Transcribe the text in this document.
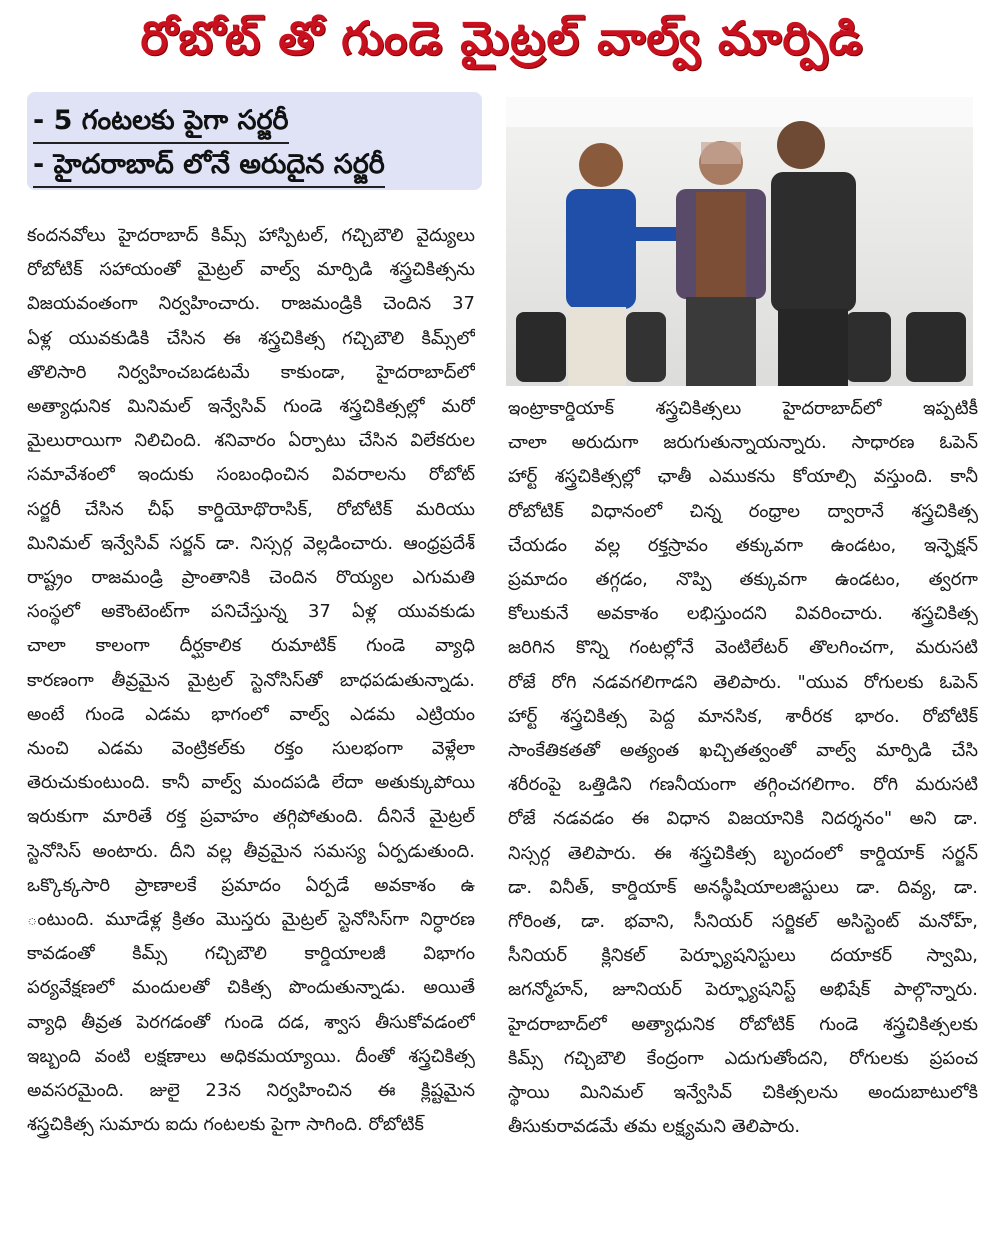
రోబోట్ తో గుండె మైట్రల్ వాల్వ్ మార్పిడి
- 5 గంటలకు పైగా సర్జరీ
- హైదరాబాద్ లోనే అరుదైన సర్జరీ

కందనవోలు హైదరాబాద్ కిమ్స్ హాస్పిటల్, గచ్చిబౌలి వైద్యులు

రోబోటిక్ సహాయంతో మైట్రల్ వాల్వ్ మార్పిడి శస్త్రచికిత్సను

విజయవంతంగా నిర్వహించారు. రాజమండ్రికి చెందిన 37

ఏళ్ల యువకుడికి చేసిన ఈ శస్త్రచికిత్స గచ్చిబౌలి కిమ్స్‌లో

తొలిసారి నిర్వహించబడటమే కాకుండా, హైదరాబాద్‌లో

అత్యాధునిక మినిమల్ ఇన్వేసివ్ గుండె శస్త్రచికిత్సల్లో మరో

మైలురాయిగా నిలిచింది. శనివారం ఏర్పాటు చేసిన విలేకరుల

సమావేశంలో ఇందుకు సంబంధించిన వివరాలను రోబోట్

సర్జరీ చేసిన చీఫ్ కార్డియోథొరాసిక్, రోబోటిక్ మరియు

మినిమల్ ఇన్వేసివ్ సర్జన్ డా. నిస్సర్గ వెల్లడించారు. ఆంధ్రప్రదేశ్

రాష్ట్రం రాజమండ్రి ప్రాంతానికి చెందిన రొయ్యల ఎగుమతి

సంస్థలో అకౌంటెంట్‌గా పనిచేస్తున్న 37 ఏళ్ల యువకుడు

చాలా కాలంగా దీర్ఘకాలిక రుమాటిక్ గుండె వ్యాధి

కారణంగా తీవ్రమైన మైట్రల్ స్టెనోసిస్‌తో బాధపడుతున్నాడు.

అంటే గుండె ఎడమ భాగంలో వాల్వ్ ఎడమ ఎట్రియం

నుంచి ఎడమ వెంట్రికల్‌కు రక్తం సులభంగా వెళ్లేలా

తెరుచుకుంటుంది. కానీ వాల్వ్ మందపడి లేదా అతుక్కుపోయి

ఇరుకుగా మారితే రక్త ప్రవాహం తగ్గిపోతుంది. దీనినే మైట్రల్

స్టెనోసిస్ అంటారు. దీని వల్ల తీవ్రమైన సమస్య ఏర్పడుతుంది.

ఒక్కొక్కసారి ప్రాణాలకే ప్రమాదం ఏర్పడే అవకాశం ఉ

ంటుంది. మూడేళ్ల క్రితం మొస్తరు మైట్రల్ స్టెనోసిస్‌గా నిర్ధారణ

కావడంతో కిమ్స్ గచ్చిబౌలి కార్డియాలజీ విభాగం

పర్యవేక్షణలో మందులతో చికిత్స పొందుతున్నాడు. అయితే

వ్యాధి తీవ్రత పెరగడంతో గుండె దడ, శ్వాస తీసుకోవడంలో

ఇబ్బంది వంటి లక్షణాలు అధికమయ్యాయి. దీంతో శస్త్రచికిత్స

అవసరమైంది. జులై 23న నిర్వహించిన ఈ క్లిష్టమైన

శస్త్రచికిత్స సుమారు ఐదు గంటలకు పైగా సాగింది. రోబోటిక్

ఇంట్రాకార్డియాక్ శస్త్రచికిత్సలు హైదరాబాద్‌లో ఇప్పటికీ

చాలా అరుదుగా జరుగుతున్నాయన్నారు. సాధారణ ఓపెన్

హార్ట్ శస్త్రచికిత్సల్లో ఛాతీ ఎముకను కోయాల్సి వస్తుంది. కానీ

రోబోటిక్ విధానంలో చిన్న రంధ్రాల ద్వారానే శస్త్రచికిత్స

చేయడం వల్ల రక్తస్రావం తక్కువగా ఉండటం, ఇన్ఫెక్షన్

ప్రమాదం తగ్గడం, నొప్పి తక్కువగా ఉండటం, త్వరగా

కోలుకునే అవకాశం లభిస్తుందని వివరించారు. శస్త్రచికిత్స

జరిగిన కొన్ని గంటల్లోనే వెంటిలేటర్ తొలగించగా, మరుసటి

రోజే రోగి నడవగలిగాడని తెలిపారు. "యువ రోగులకు ఓపెన్

హార్ట్ శస్త్రచికిత్స పెద్ద మానసిక, శారీరక భారం. రోబోటిక్

సాంకేతికతతో అత్యంత ఖచ్చితత్వంతో వాల్వ్ మార్పిడి చేసి

శరీరంపై ఒత్తిడిని గణనీయంగా తగ్గించగలిగాం. రోగి మరుసటి

రోజే నడవడం ఈ విధాన విజయానికి నిదర్శనం" అని డా.

నిస్సర్గ తెలిపారు. ఈ శస్త్రచికిత్స బృందంలో కార్డియాక్ సర్జన్

డా. వినీత్, కార్డియాక్ అనస్థీషియాలజిస్టులు డా. దివ్య, డా.

గోరింత, డా. భవాని, సీనియర్ సర్జికల్ అసిస్టెంట్ మనోహ్,

సీనియర్ క్లినికల్ పెర్ఫ్యూషనిస్టులు దయాకర్ స్వామి,

జగన్మోహన్, జూనియర్ పెర్ఫ్యూషనిస్ట్ అభిషేక్ పాల్గొన్నారు.

హైదరాబాద్‌లో అత్యాధునిక రోబోటిక్ గుండె శస్త్రచికిత్సలకు

కిమ్స్ గచ్చిబౌలి కేంద్రంగా ఎదుగుతోందని, రోగులకు ప్రపంచ

స్థాయి మినిమల్ ఇన్వేసివ్ చికిత్సలను అందుబాటులోకి

తీసుకురావడమే తమ లక్ష్యమని తెలిపారు.
